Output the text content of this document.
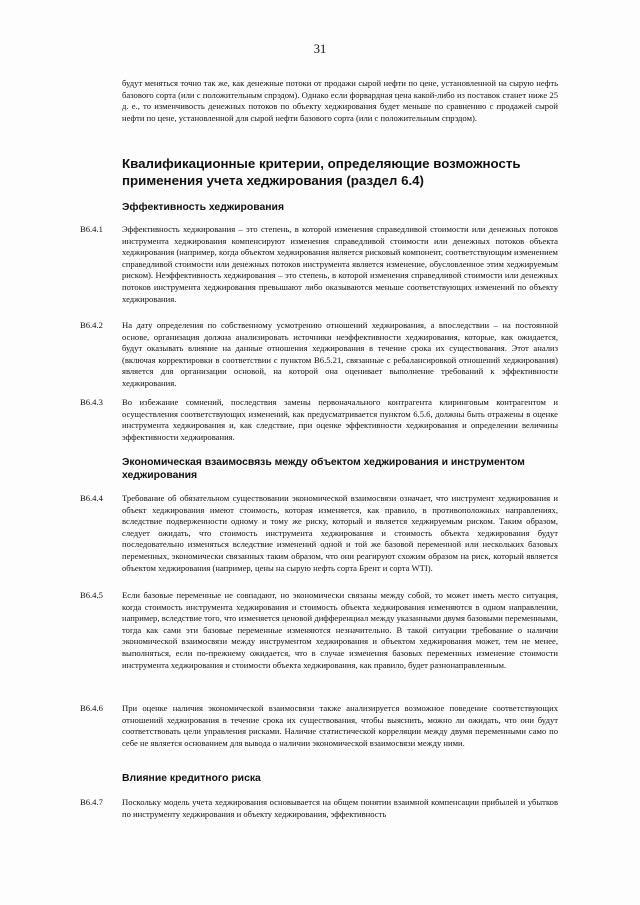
31
будут меняться точно так же, как денежные потоки от продажи сырой нефти по цене, установленной на сырую нефть базового сорта (или с положительным спрэдом). Однако если форвардная цена какой-либо из поставок станет ниже 25 д. е., то изменчивость денежных потоков по объекту хеджирования будет меньше по сравнению с продажей сырой нефти по цене, установленной для сырой нефти базового сорта (или с положительным спрэдом).
Квалификационные критерии, определяющие возможность применения учета хеджирования (раздел 6.4)
Эффективность хеджирования
B6.4.1	Эффективность хеджирования – это степень, в которой изменения справедливой стоимости или денежных потоков инструмента хеджирования компенсируют изменения справедливой стоимости или денежных потоков объекта хеджирования (например, когда объектом хеджирования является рисковый компонент, соответствующим изменением справедливой стоимости или денежных потоков инструмента является изменение, обусловленное этим хеджируемым риском). Неэффективность хеджирования – это степень, в которой изменения справедливой стоимости или денежных потоков инструмента хеджирования превышают либо оказываются меньше соответствующих изменений по объекту хеджирования.
B6.4.2	На дату определения по собственному усмотрению отношений хеджирования, а впоследствии – на постоянной основе, организация должна анализировать источники неэффективности хеджирования, которые, как ожидается, будут оказывать влияние на данные отношения хеджирования в течение срока их существования. Этот анализ (включая корректировки в соответствии с пунктом B6.5.21, связанные с ребалансировкой отношений хеджирования) является для организации основой, на которой она оценивает выполнение требований к эффективности хеджирования.
B6.4.3	Во избежание сомнений, последствия замены первоначального контрагента клиринговым контрагентом и осуществления соответствующих изменений, как предусматривается пунктом 6.5.6, должны быть отражены в оценке инструмента хеджирования и, как следствие, при оценке эффективности хеджирования и определении величины эффективности хеджирования.
Экономическая взаимосвязь между объектом хеджирования и инструментом хеджирования
B6.4.4	Требование об обязательном существовании экономической взаимосвязи означает, что инструмент хеджирования и объект хеджирования имеют стоимость, которая изменяется, как правило, в противоположных направлениях, вследствие подверженности одному и тому же риску, который и является хеджируемым риском. Таким образом, следует ожидать, что стоимость инструмента хеджирования и стоимость объекта хеджирования будут последовательно изменяться вследствие изменений одной и той же базовой переменной или нескольких базовых переменных, экономически связанных таким образом, что они реагируют схожим образом на риск, который является объектом хеджирования (например, цены на сырую нефть сорта Брент и сорта WTI).
B6.4.5	Если базовые переменные не совпадают, но экономически связаны между собой, то может иметь место ситуация, когда стоимость инструмента хеджирования и стоимость объекта хеджирования изменяются в одном направлении, например, вследствие того, что изменяется ценовой дифференциал между указанными двумя базовыми переменными, тогда как сами эти базовые переменные изменяются незначительно. В такой ситуации требование о наличии экономической взаимосвязи между инструментом хеджирования и объектом хеджирования может, тем не менее, выполняться, если по-прежнему ожидается, что в случае изменения базовых переменных изменение стоимости инструмента хеджирования и стоимости объекта хеджирования, как правило, будет разнонаправленным.
B6.4.6	При оценке наличия экономической взаимосвязи также анализируется возможное поведение соответствующих отношений хеджирования в течение срока их существования, чтобы выяснить, можно ли ожидать, что они будут соответствовать цели управления рисками. Наличие статистической корреляции между двумя переменными само по себе не является основанием для вывода о наличии экономической взаимосвязи между ними.
Влияние кредитного риска
B6.4.7	Поскольку модель учета хеджирования основывается на общем понятии взаимной компенсации прибылей и убытков по инструменту хеджирования и объекту хеджирования, эффективность
